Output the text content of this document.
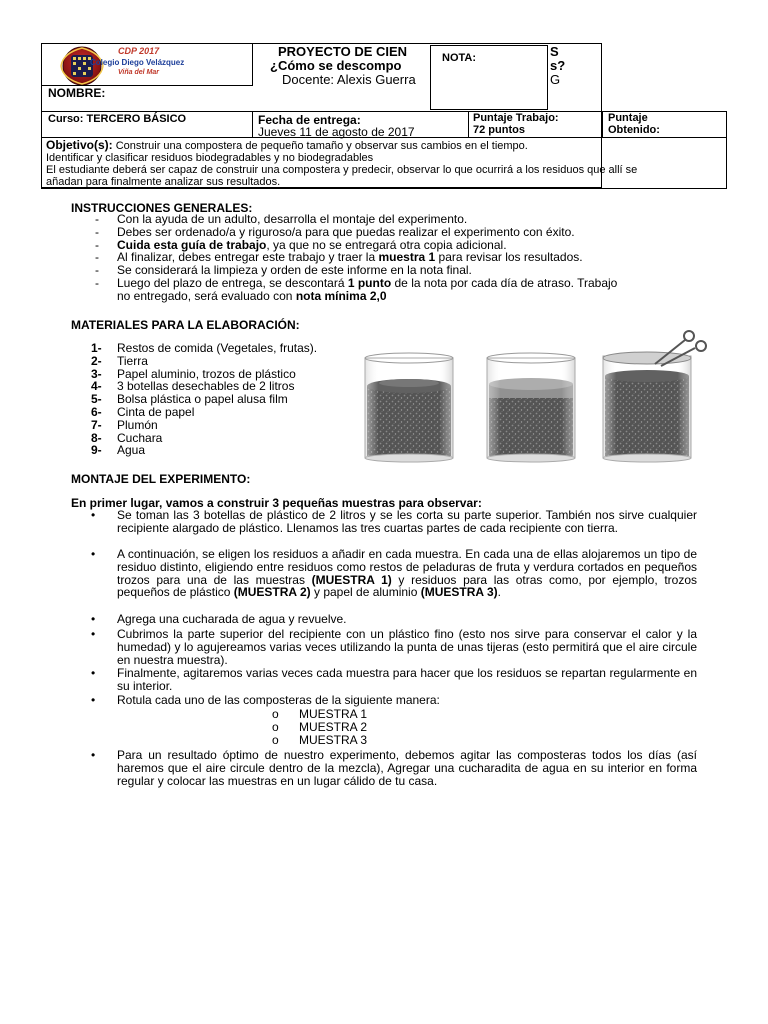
CDP 2017
Colegio Diego Velázquez
Viña del Mar
PROYECTO DE CIEN
¿Cómo se descompo
Docente: Alexis Guerra
S
s?
G
NOTA:
NOMBRE:
Curso: TERCERO BÁSICO	Fecha de entrega:
Jueves 11 de agosto de 2017
Puntaje Trabajo:
72 puntos
Puntaje
Obtenido:
Objetivo(s): Construir una compostera de pequeño tamaño y observar sus cambios en el tiempo.
Identificar y clasificar residuos biodegradables y no biodegradables
El estudiante deberá ser capaz de construir una compostera y predecir, observar lo que ocurrirá a los residuos que allí se
añadan para finalmente analizar sus resultados.
INSTRUCCIONES GENERALES:
- Con la ayuda de un adulto, desarrolla el montaje del experimento.
- Debes ser ordenado/a y riguroso/a para que puedas realizar el experimento con éxito.
- Cuida esta guía de trabajo, ya que no se entregará otra copia adicional.
- Al finalizar, debes entregar este trabajo y traer la muestra 1 para revisar los resultados.
- Se considerará la limpieza y orden de este informe en la nota final.
- Luego del plazo de entrega, se descontará 1 punto de la nota por cada día de atraso. Trabajo
no entregado, será evaluado con nota mínima 2,0
MATERIALES PARA LA ELABORACIÓN:
1- Restos de comida (Vegetales, frutas).
2- Tierra
3- Papel aluminio, trozos de plástico
4- 3 botellas desechables de 2 litros
5- Bolsa plástica o papel alusa film
6- Cinta de papel
7- Plumón
8- Cuchara
9- Agua
MONTAJE DEL EXPERIMENTO:
En primer lugar, vamos a construir 3 pequeñas muestras para observar:
• Se toman las 3 botellas de plástico de 2 litros y se les corta su parte superior. También nos sirve cualquier recipiente alargado de plástico. Llenamos las tres cuartas partes de cada recipiente con tierra.
• A continuación, se eligen los residuos a añadir en cada muestra. En cada una de ellas alojaremos un tipo de residuo distinto, eligiendo entre residuos como restos de peladuras de fruta y verdura cortados en pequeños trozos para una de las muestras (MUESTRA 1) y residuos para las otras como, por ejemplo, trozos pequeños de plástico (MUESTRA 2) y papel de aluminio (MUESTRA 3).
• Agrega una cucharada de agua y revuelve.
• Cubrimos la parte superior del recipiente con un plástico fino (esto nos sirve para conservar el calor y la humedad) y lo agujereamos varias veces utilizando la punta de unas tijeras (esto permitirá que el aire circule en nuestra muestra).
• Finalmente, agitaremos varias veces cada muestra para hacer que los residuos se repartan regularmente en su interior.
• Rotula cada uno de las composteras de la siguiente manera:
o MUESTRA 1
o MUESTRA 2
o MUESTRA 3
• Para un resultado óptimo de nuestro experimento, debemos agitar las composteras todos los días (así haremos que el aire circule dentro de la mezcla), Agregar una cucharadita de agua en su interior en forma regular y colocar las muestras en un lugar cálido de tu casa.
